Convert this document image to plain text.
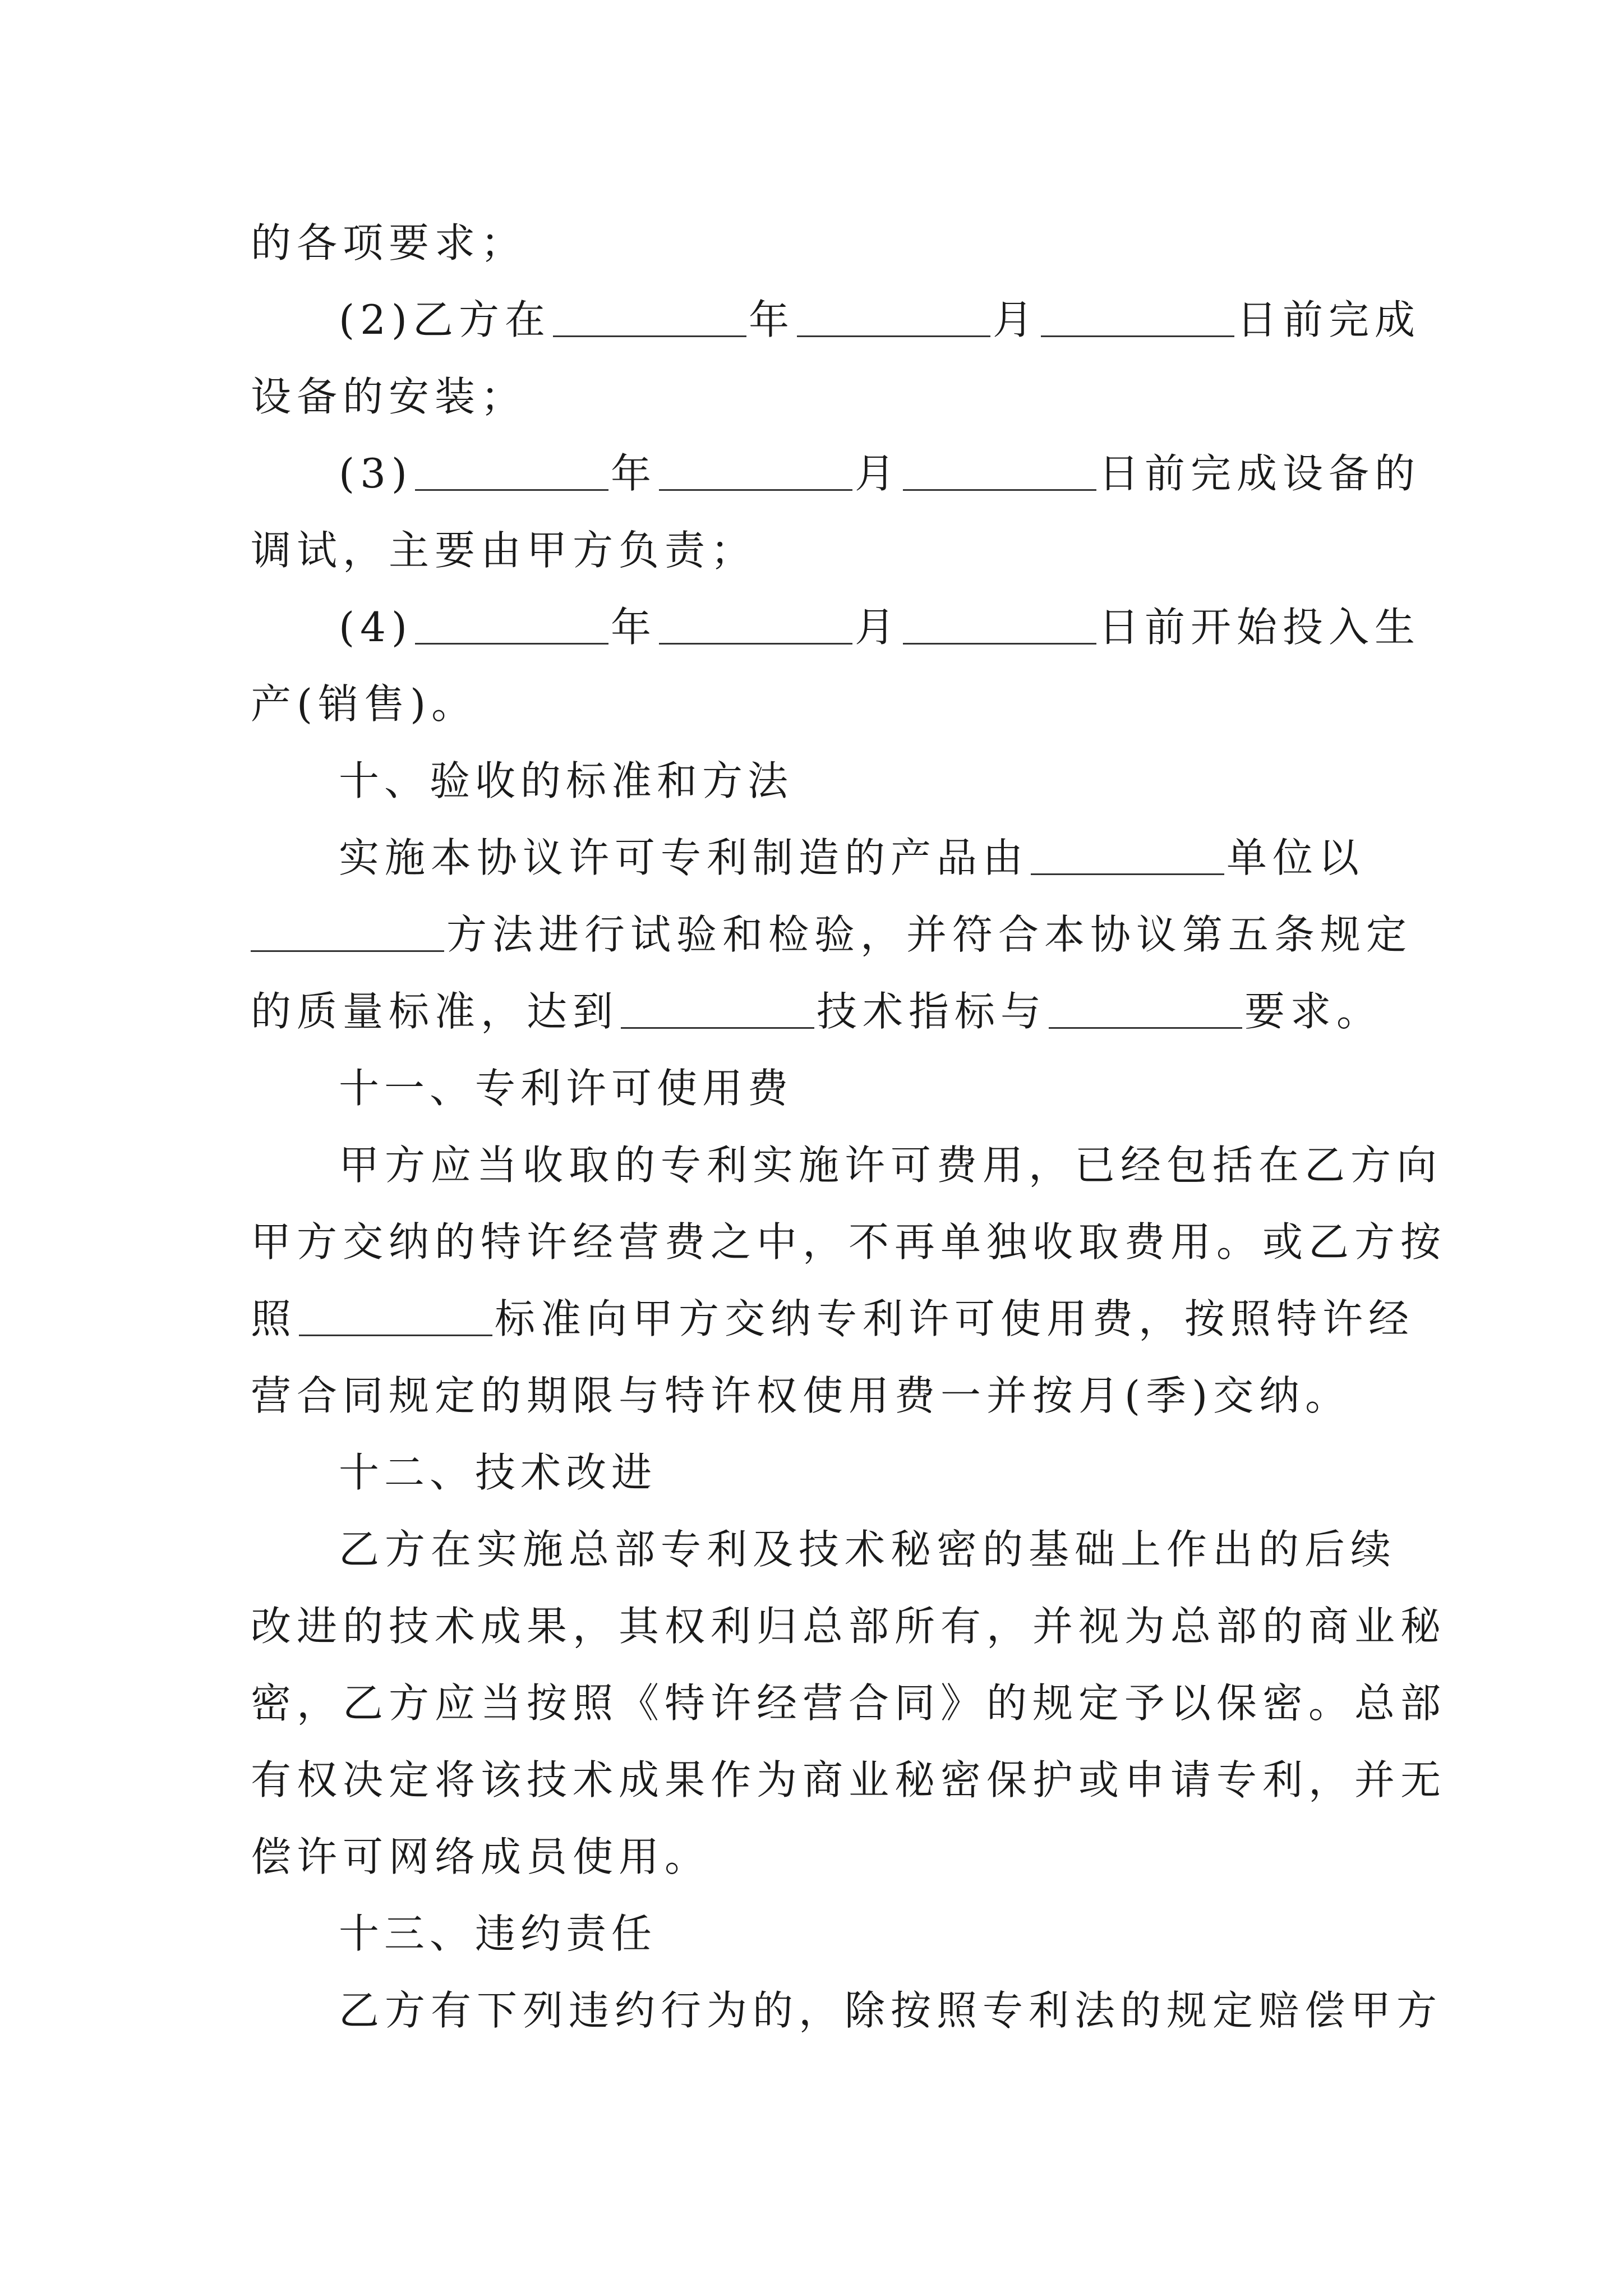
的各项要求；
(2)乙方在	年	月	日前完成
设备的安装；
(3)	年	月	日前完成设备的
调试，主要由甲方负责；
(4)	年	月	日前开始投入生
产(销售)。
十、验收的标准和方法
实施本协议许可专利制造的产品由	单位以
方法进行试验和检验，并符合本协议第五条规定
的质量标准，达到	技术指标与	要求。
十一、专利许可使用费
甲方应当收取的专利实施许可费用，已经包括在乙方向
甲方交纳的特许经营费之中，不再单独收取费用。或乙方按
照	标准向甲方交纳专利许可使用费，按照特许经
营合同规定的期限与特许权使用费一并按月(季)交纳。
十二、技术改进
乙方在实施总部专利及技术秘密的基础上作出的后续
改进的技术成果，其权利归总部所有，并视为总部的商业秘
密，乙方应当按照《特许经营合同》的规定予以保密。总部
有权决定将该技术成果作为商业秘密保护或申请专利，并无
偿许可网络成员使用。
十三、违约责任
乙方有下列违约行为的，除按照专利法的规定赔偿甲方
